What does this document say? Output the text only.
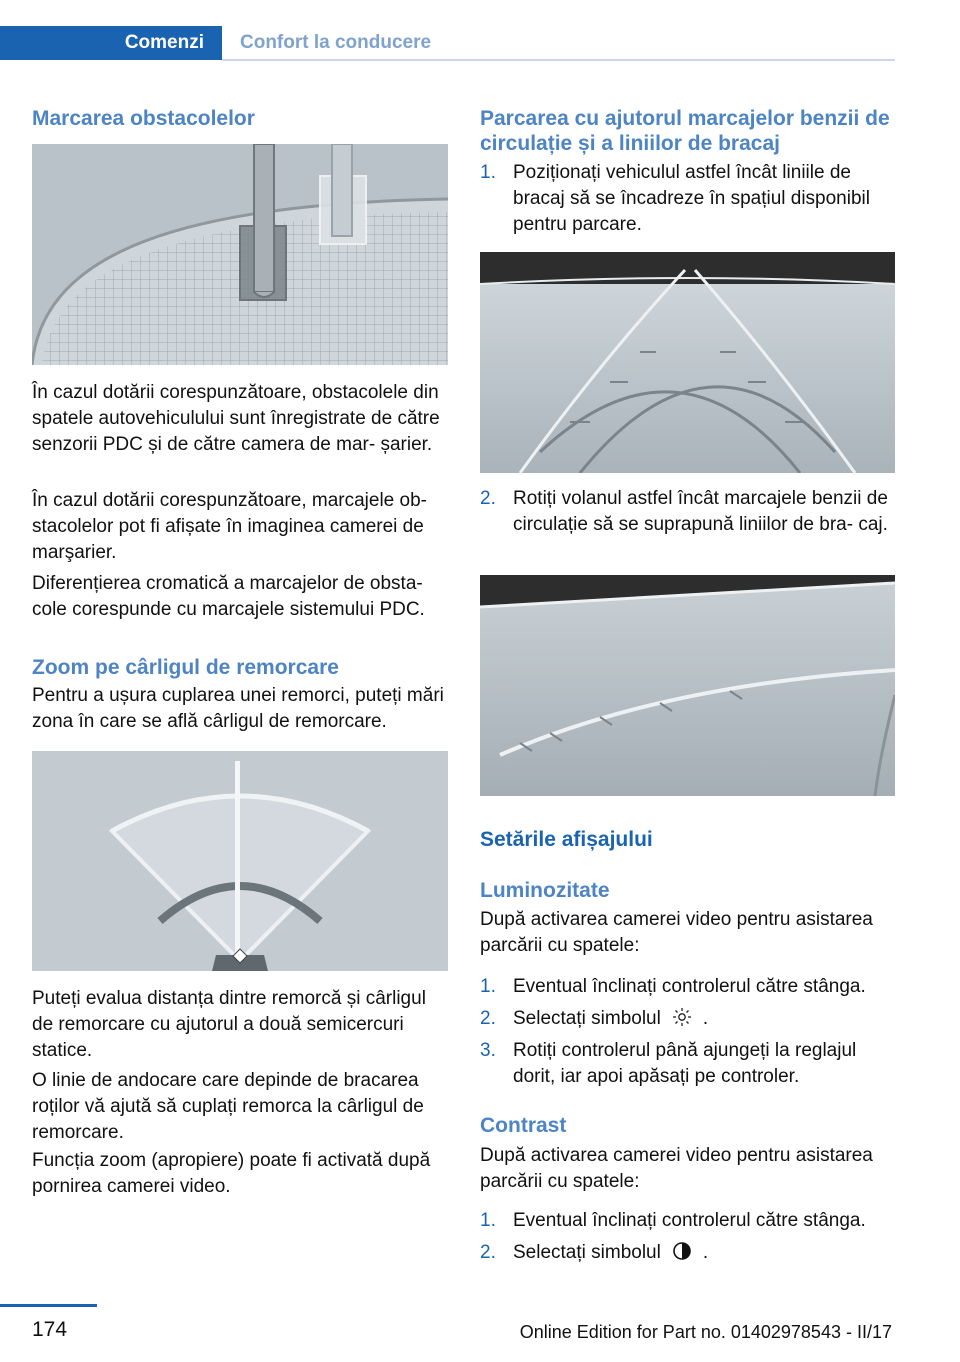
Comenzi	Confort la conducere
Marcarea obstacolelor

În cazul dotării corespunzătoare, obstacolele din spatele autovehiculului sunt înregistrate de către senzorii PDC și de către camera de mar‐ șarier.

În cazul dotării corespunzătoare, marcajele ob‐ stacolelor pot fi afișate în imaginea camerei de marşarier.

Diferențierea cromatică a marcajelor de obsta‐ cole corespunde cu marcajele sistemului PDC.

Zoom pe cârligul de remorcare

Pentru a ușura cuplarea unei remorci, puteți mări zona în care se află cârligul de remorcare.

Puteți evalua distanța dintre remorcă și cârligul de remorcare cu ajutorul a două semicercuri statice.

O linie de andocare care depinde de bracarea roților vă ajută să cuplați remorca la cârligul de remorcare.

Funcția zoom (apropiere) poate fi activată după pornirea camerei video.

Parcarea cu ajutorul marcajelor benzii de circulație și a liniilor de bracaj
1. Poziționați vehiculul astfel încât liniile de bracaj să se încadreze în spațiul disponibil pentru parcare.
2. Rotiți volanul astfel încât marcajele benzii de circulație să se suprapună liniilor de bra‐ caj.
Setările afișajului
Luminozitate

După activarea camerei video pentru asistarea parcării cu spatele:

1. Eventual înclinați controlerul către stânga.
2. Selectați simbolul .
3. Rotiți controlerul până ajungeți la reglajul dorit, iar apoi apăsați pe controler.
Contrast

După activarea camerei video pentru asistarea parcării cu spatele:

1. Eventual înclinați controlerul către stânga.
2. Selectați simbolul .
174	Online Edition for Part no. 01402978543 - II/17
